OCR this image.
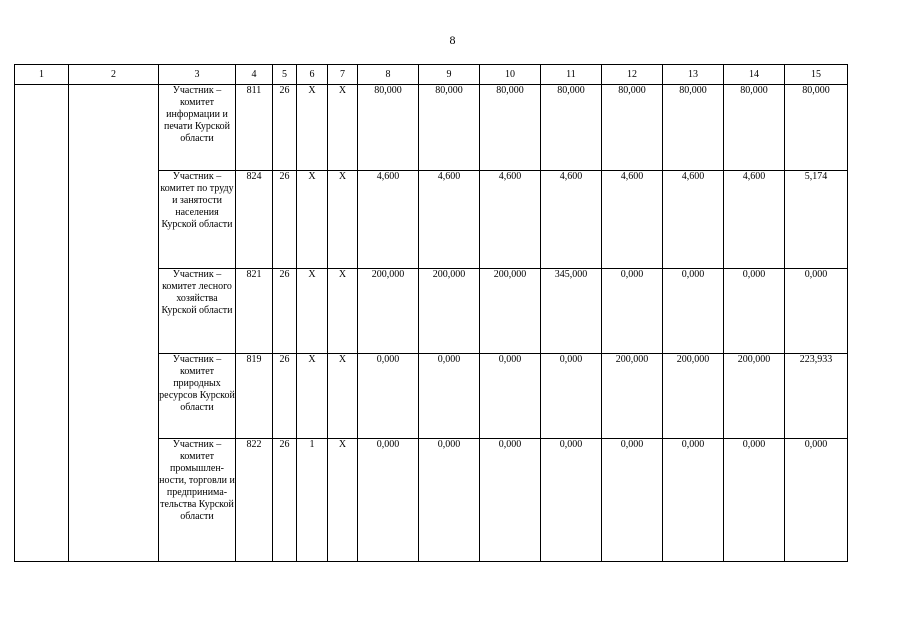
8
1	2	3	4	5	6	7	8	9	10	11	12	13	14	15
		Участник – комитет информации и печати Курской области	811	26	Х	Х	80,000	80,000	80,000	80,000	80,000	80,000	80,000	80,000
		Участник – комитет по труду и занятости населения Курской области	824	26	Х	Х	4,600	4,600	4,600	4,600	4,600	4,600	4,600	5,174
		Участник – комитет лесного хозяйства Курской области	821	26	Х	Х	200,000	200,000	200,000	345,000	0,000	0,000	0,000	0,000
		Участник – комитет природных ресурсов Курской области	819	26	Х	Х	0,000	0,000	0,000	0,000	200,000	200,000	200,000	223,933
		Участник – комитет промышлен-ности, торговли и предпринима-тельства Курской области	822	26	1	Х	0,000	0,000	0,000	0,000	0,000	0,000	0,000	0,000
